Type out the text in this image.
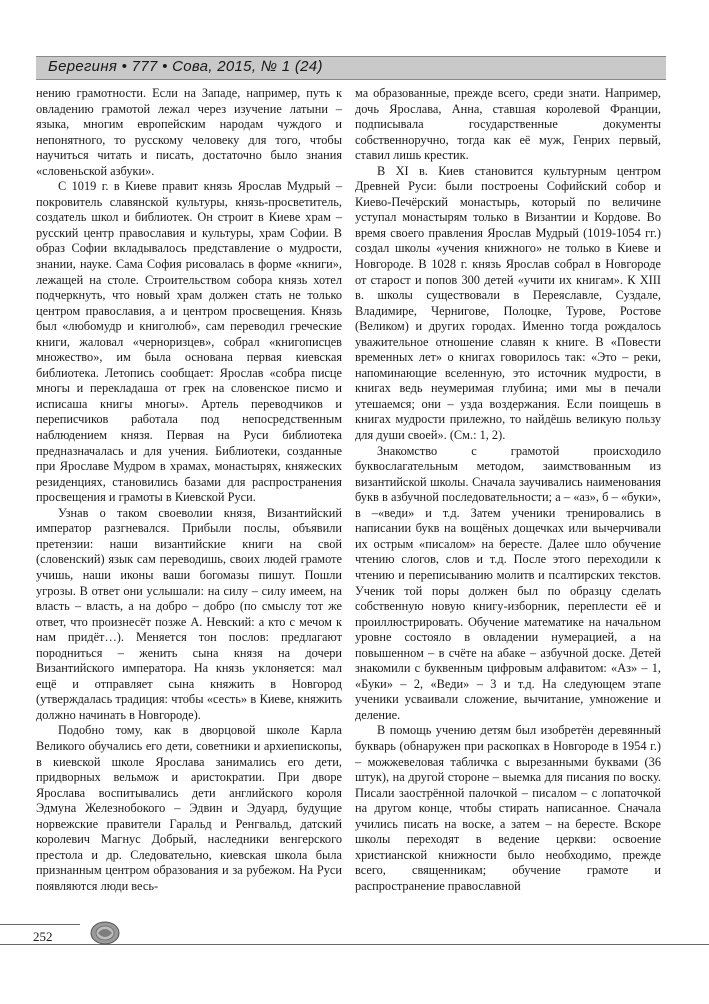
Берегиня • 777 • Сова, 2015, № 1 (24)

нению грамотности. Если на Западе, например, путь к овладению грамотой лежал через изучение латыни – языка, многим европейским народам чуждого и непонятного, то русскому человеку для того, чтобы научиться читать и писать, достаточно было знания «словеньской азбуки».

С 1019 г. в Киеве правит князь Ярослав Мудрый – покровитель славянской культуры, князь-просветитель, создатель школ и библиотек. Он строит в Киеве храм – русский центр православия и культуры, храм Софии. В образ Софии вкладывалось представление о мудрости, знании, науке. Сама София рисовалась в форме «книги», лежащей на столе. Строительством собора князь хотел подчеркнуть, что новый храм должен стать не только центром православия, а и центром просвещения. Князь был «любомудр и книголюб», сам переводил греческие книги, жаловал «черноризцев», собрал «книгописцев множество», им была основана первая киевская библиотека. Летопись сообщает: Ярослав «собра писце многы и перекладаша от грек на словенское писмо и исписаша книгы многы». Артель переводчиков и переписчиков работала под непосредственным наблюдением князя. Первая на Руси библиотека предназначалась и для учения. Библиотеки, созданные при Ярославе Мудром в храмах, монастырях, княжеских резиденциях, становились базами для распространения просвещения и грамоты в Киевской Руси.

Узнав о таком своеволии князя, Византийский император разгневался. Прибыли послы, объявили претензии: наши византийские книги на свой (словенский) язык сам переводишь, своих людей грамоте учишь, наши иконы ваши богомазы пишут. Пошли угрозы. В ответ они услышали: на силу – силу имеем, на власть – власть, а на добро – добро (по смыслу тот же ответ, что произнесёт позже А. Невский: а кто с мечом к нам придёт…). Меняется тон послов: предлагают породниться – женить сына князя на дочери Византийского императора. На князь уклоняется: мал ещё и отправляет сына княжить в Новгород (утверждалась традиция: чтобы «сесть» в Киеве, княжить должно начинать в Новгороде).

Подобно тому, как в дворцовой школе Карла Великого обучались его дети, советники и архиепископы, в киевской школе Ярослава занимались его дети, придворных вельмож и аристократии. При дворе Ярослава воспитывались дети английского короля Эдмуна Железнобокого – Эдвин и Эдуард, будущие норвежские правители Гаральд и Ренгвальд, датский королевич Магнус Добрый, наследники венгерского престола и др. Следовательно, киевская школа была признанным центром образования и за рубежом. На Руси появляются люди весь-

ма образованные, прежде всего, среди знати. Например, дочь Ярослава, Анна, ставшая королевой Франции, подписывала государственные документы собственноручно, тогда как её муж, Генрих первый, ставил лишь крестик.

В XI в. Киев становится культурным центром Древней Руси: были построены Софийский собор и Киево-Печёрский монастырь, который по величине уступал монастырям только в Византии и Кордове. Во время своего правления Ярослав Мудрый (1019-1054 гг.) создал школы «учения книжного» не только в Киеве и Новгороде. В 1028 г. князь Ярослав собрал в Новгороде от старост и попов 300 детей «учити их книгам». К XIII в. школы существовали в Переяславле, Суздале, Владимире, Чернигове, Полоцке, Турове, Ростове (Великом) и других городах. Именно тогда рождалось уважительное отношение славян к книге. В «Повести временных лет» о книгах говорилось так: «Это – реки, напоминающие вселенную, это источник мудрости, в книгах ведь неумеримая глубина; ими мы в печали утешаемся; они – узда воздержания. Если поищешь в книгах мудрости прилежно, то найдёшь великую пользу для души своей». (См.: 1, 2).

Знакомство с грамотой происходило буквослагательным методом, заимствованным из византийской школы. Сначала заучивались наименования букв в азбучной последовательности; а – «аз», б – «буки», в –«веди» и т.д. Затем ученики тренировались в написании букв на вощёных дощечках или вычерчивали их острым «писалом» на бересте. Далее шло обучение чтению слогов, слов и т.д. После этого переходили к чтению и переписыванию молитв и псалтирских текстов. Ученик той поры должен был по образцу сделать собственную новую книгу-изборник, переплести её и проиллюстрировать. Обучение математике на начальном уровне состояло в овладении нумерацией, а на повышенном – в счёте на абаке – азбучной доске. Детей знакомили с буквенным цифровым алфавитом: «Аз» – 1, «Буки» – 2, «Веди» – 3 и т.д. На следующем этапе ученики усваивали сложение, вычитание, умножение и деление.

В помощь учению детям был изобретён деревянный букварь (обнаружен при раскопках в Новгороде в 1954 г.) – можжевеловая табличка с вырезанными буквами (36 штук), на другой стороне – выемка для писания по воску. Писали заострённой палочкой – писалом – с лопаточкой на другом конце, чтобы стирать написанное. Сначала учились писать на воске, а затем – на бересте. Вскоре школы переходят в ведение церкви: освоение христианской книжности было необходимо, прежде всего, священникам; обучение грамоте и распространение православной

252
